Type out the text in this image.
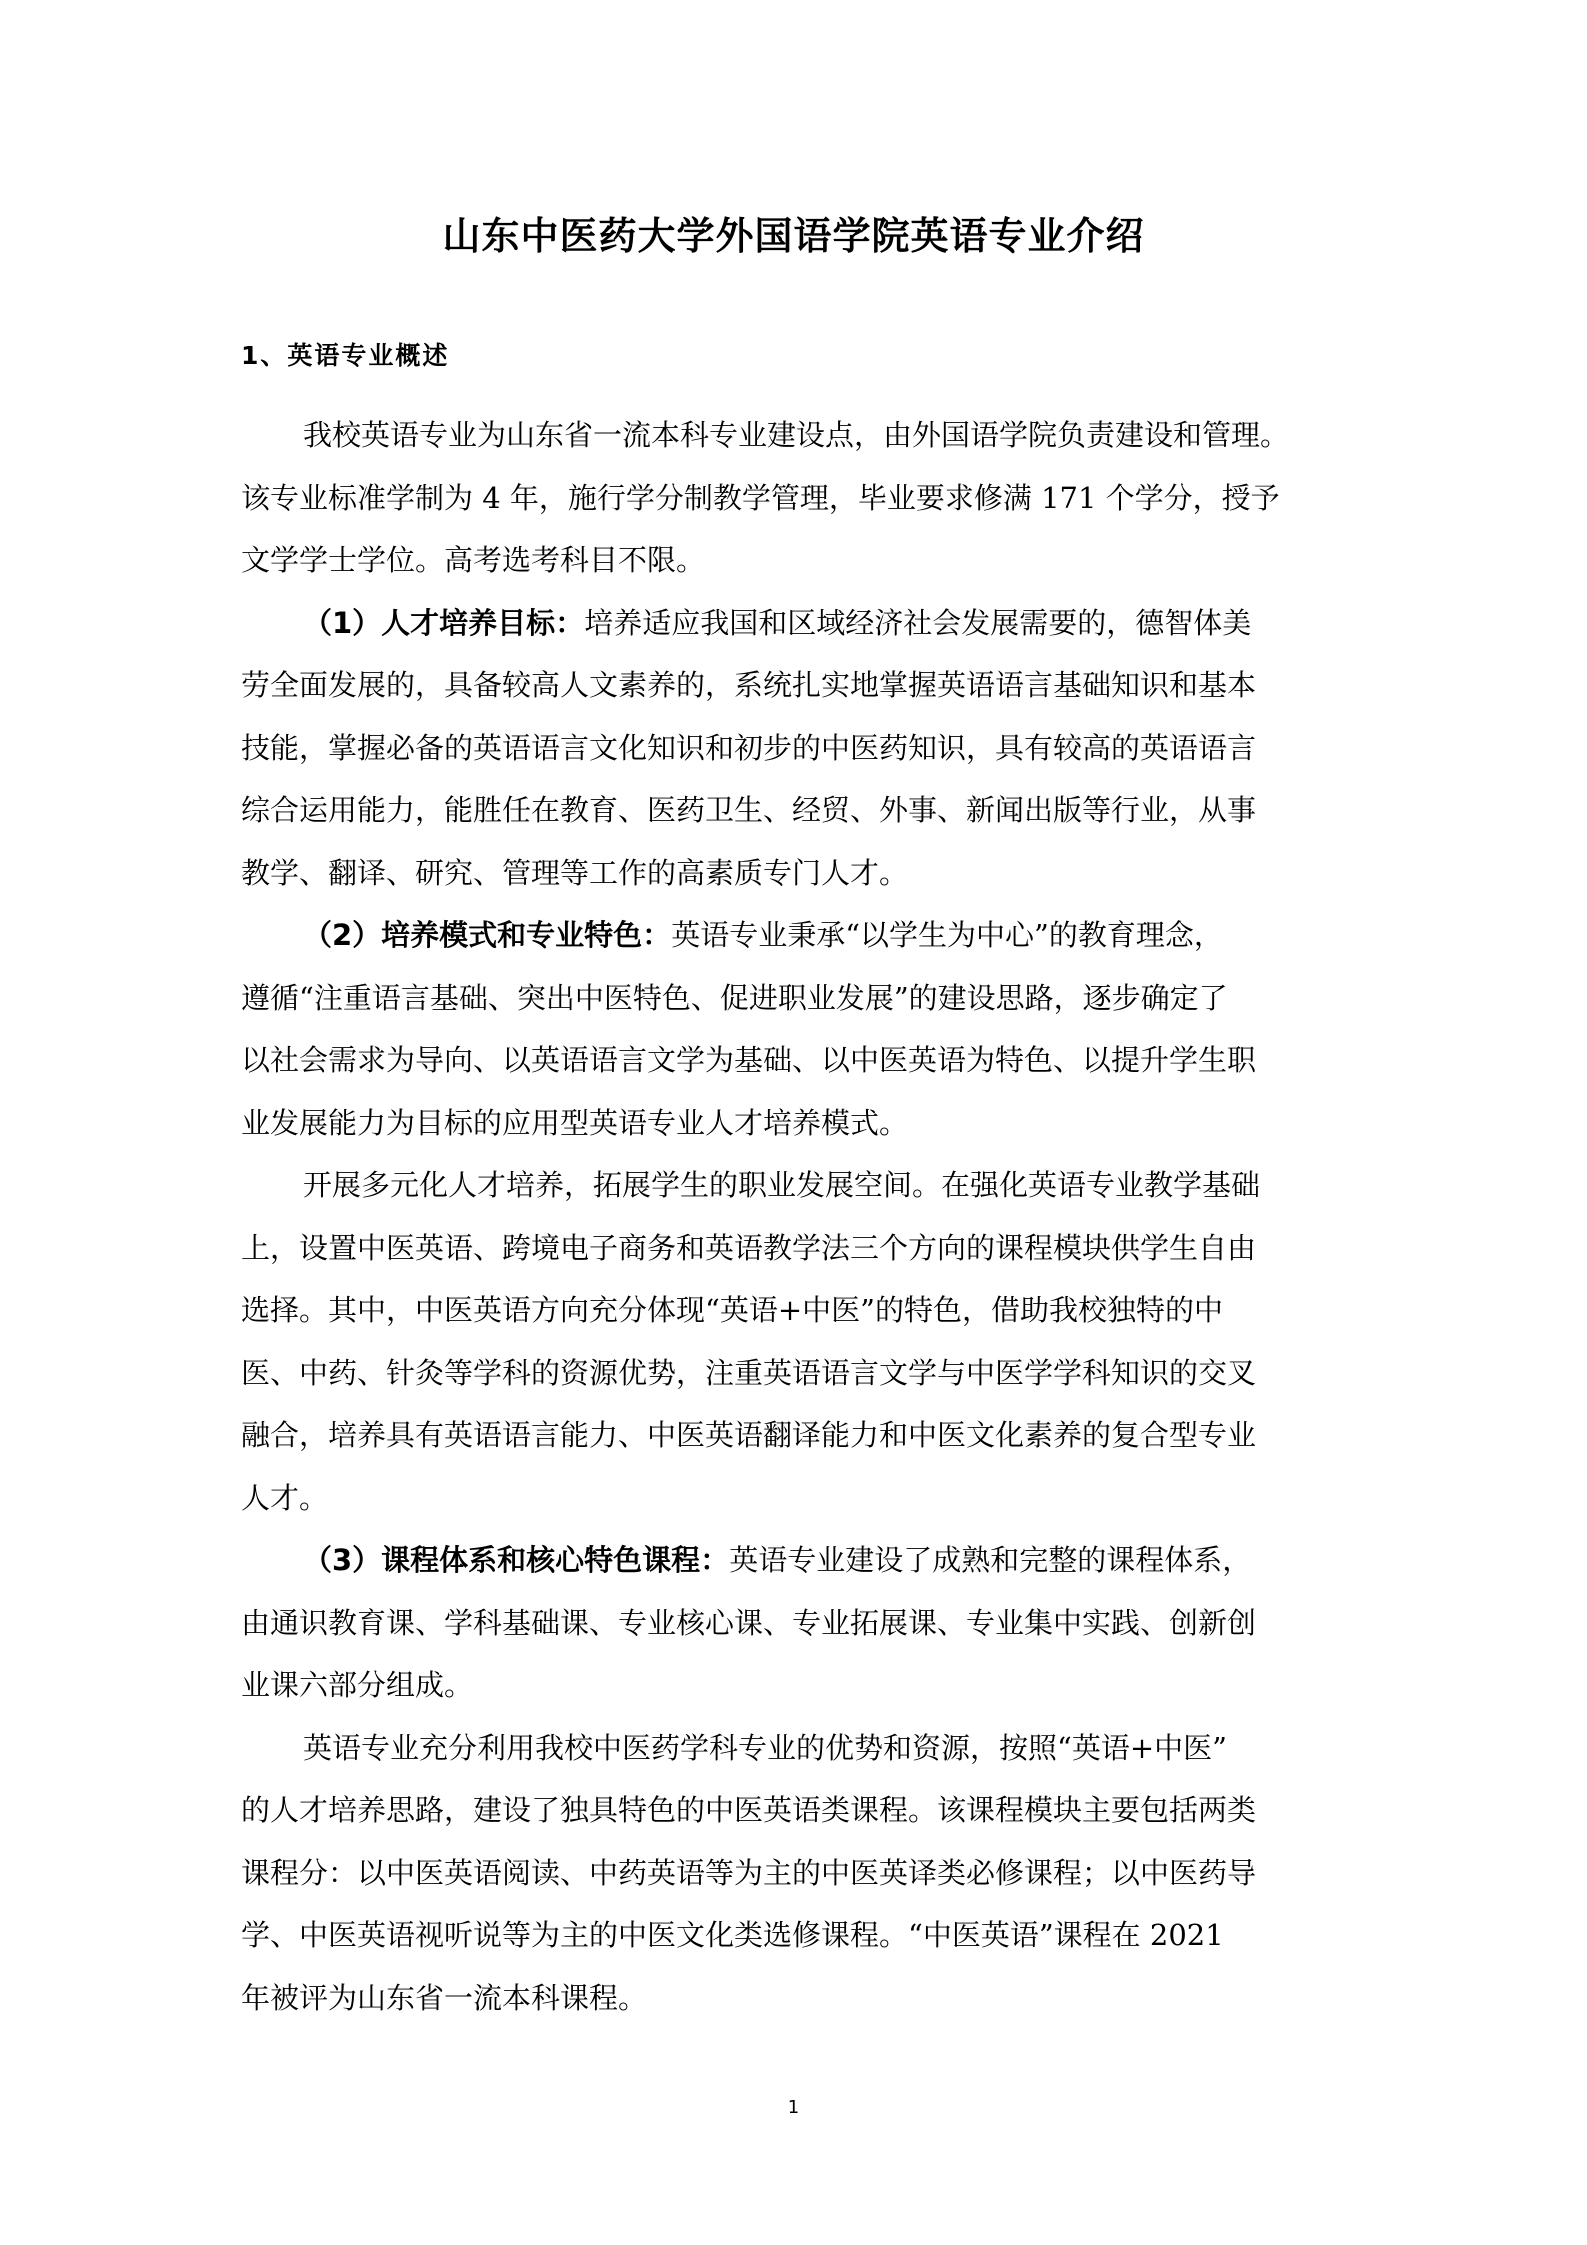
山东中医药大学外国语学院英语专业介绍
1、英语专业概述

我校英语专业为山东省一流本科专业建设点，由外国语学院负责建设和管理。
该专业标准学制为 4 年，施行学分制教学管理，毕业要求修满 171 个学分，授予
文学学士学位。高考选考科目不限。

（1）人才培养目标：培养适应我国和区域经济社会发展需要的，德智体美
劳全面发展的，具备较高人文素养的，系统扎实地掌握英语语言基础知识和基本
技能，掌握必备的英语语言文化知识和初步的中医药知识，具有较高的英语语言
综合运用能力，能胜任在教育、医药卫生、经贸、外事、新闻出版等行业，从事
教学、翻译、研究、管理等工作的高素质专门人才。

（2）培养模式和专业特色：英语专业秉承“以学生为中心”的教育理念，
遵循“注重语言基础、突出中医特色、促进职业发展”的建设思路，逐步确定了
以社会需求为导向、以英语语言文学为基础、以中医英语为特色、以提升学生职
业发展能力为目标的应用型英语专业人才培养模式。

开展多元化人才培养，拓展学生的职业发展空间。在强化英语专业教学基础
上，设置中医英语、跨境电子商务和英语教学法三个方向的课程模块供学生自由
选择。其中，中医英语方向充分体现“英语+中医”的特色，借助我校独特的中
医、中药、针灸等学科的资源优势，注重英语语言文学与中医学学科知识的交叉
融合，培养具有英语语言能力、中医英语翻译能力和中医文化素养的复合型专业
人才。

（3）课程体系和核心特色课程：英语专业建设了成熟和完整的课程体系，
由通识教育课、学科基础课、专业核心课、专业拓展课、专业集中实践、创新创
业课六部分组成。

英语专业充分利用我校中医药学科专业的优势和资源，按照“英语+中医”
的人才培养思路，建设了独具特色的中医英语类课程。该课程模块主要包括两类
课程分：以中医英语阅读、中药英语等为主的中医英译类必修课程；以中医药导
学、中医英语视听说等为主的中医文化类选修课程。“中医英语”课程在 2021
年被评为山东省一流本科课程。

1
